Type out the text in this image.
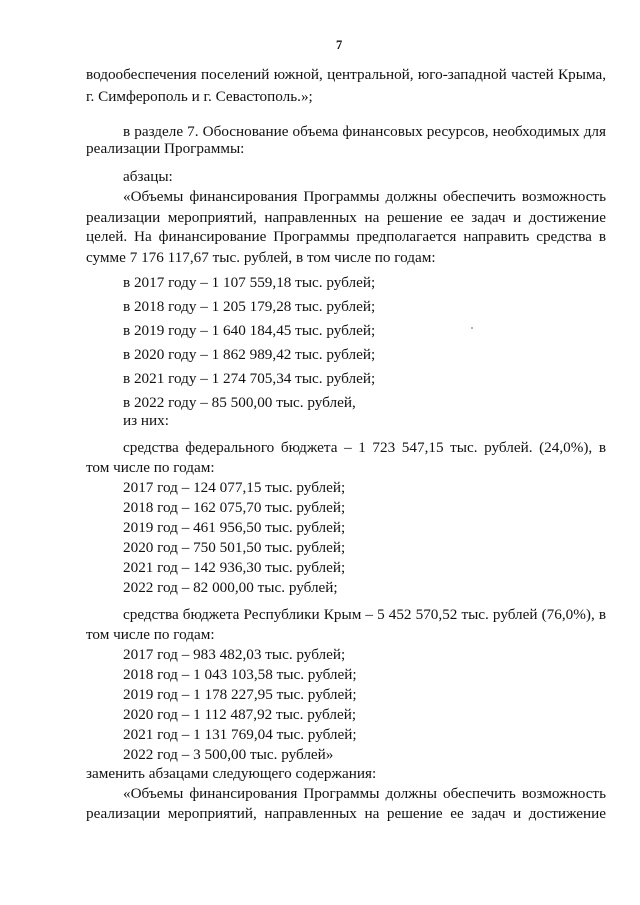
7
водообеспечения поселений южной, центральной, юго-западной частей Крыма,
г. Симферополь и г. Севастополь.»;
в разделе 7. Обоснование объема финансовых ресурсов, необходимых для
реализации Программы:
абзацы:
«Объемы финансирования Программы должны обеспечить возможность
реализации мероприятий, направленных на решение ее задач и достижение
целей. На финансирование Программы предполагается направить средства в
сумме 7 176 117,67 тыс. рублей, в том числе по годам:
в 2017 году – 1 107 559,18 тыс. рублей;
в 2018 году – 1 205 179,28 тыс. рублей;
в 2019 году – 1 640 184,45 тыс. рублей;
в 2020 году – 1 862 989,42 тыс. рублей;
в 2021 году – 1 274 705,34 тыс. рублей;
в 2022 году – 85 500,00 тыс. рублей,
из них:
средства федерального бюджета – 1 723 547,15 тыс. рублей. (24,0%), в
том числе по годам:
2017 год – 124 077,15 тыс. рублей;
2018 год – 162 075,70 тыс. рублей;
2019 год – 461 956,50 тыс. рублей;
2020 год – 750 501,50 тыс. рублей;
2021 год – 142 936,30 тыс. рублей;
2022 год – 82 000,00 тыс. рублей;
средства бюджета Республики Крым – 5 452 570,52 тыс. рублей (76,0%), в
том числе по годам:
2017 год – 983 482,03 тыс. рублей;
2018 год – 1 043 103,58 тыс. рублей;
2019 год – 1 178 227,95 тыс. рублей;
2020 год – 1 112 487,92 тыс. рублей;
2021 год – 1 131 769,04 тыс. рублей;
2022 год – 3 500,00 тыс. рублей»
заменить абзацами следующего содержания:
«Объемы финансирования Программы должны обеспечить возможность
реализации мероприятий, направленных на решение ее задач и достижение
